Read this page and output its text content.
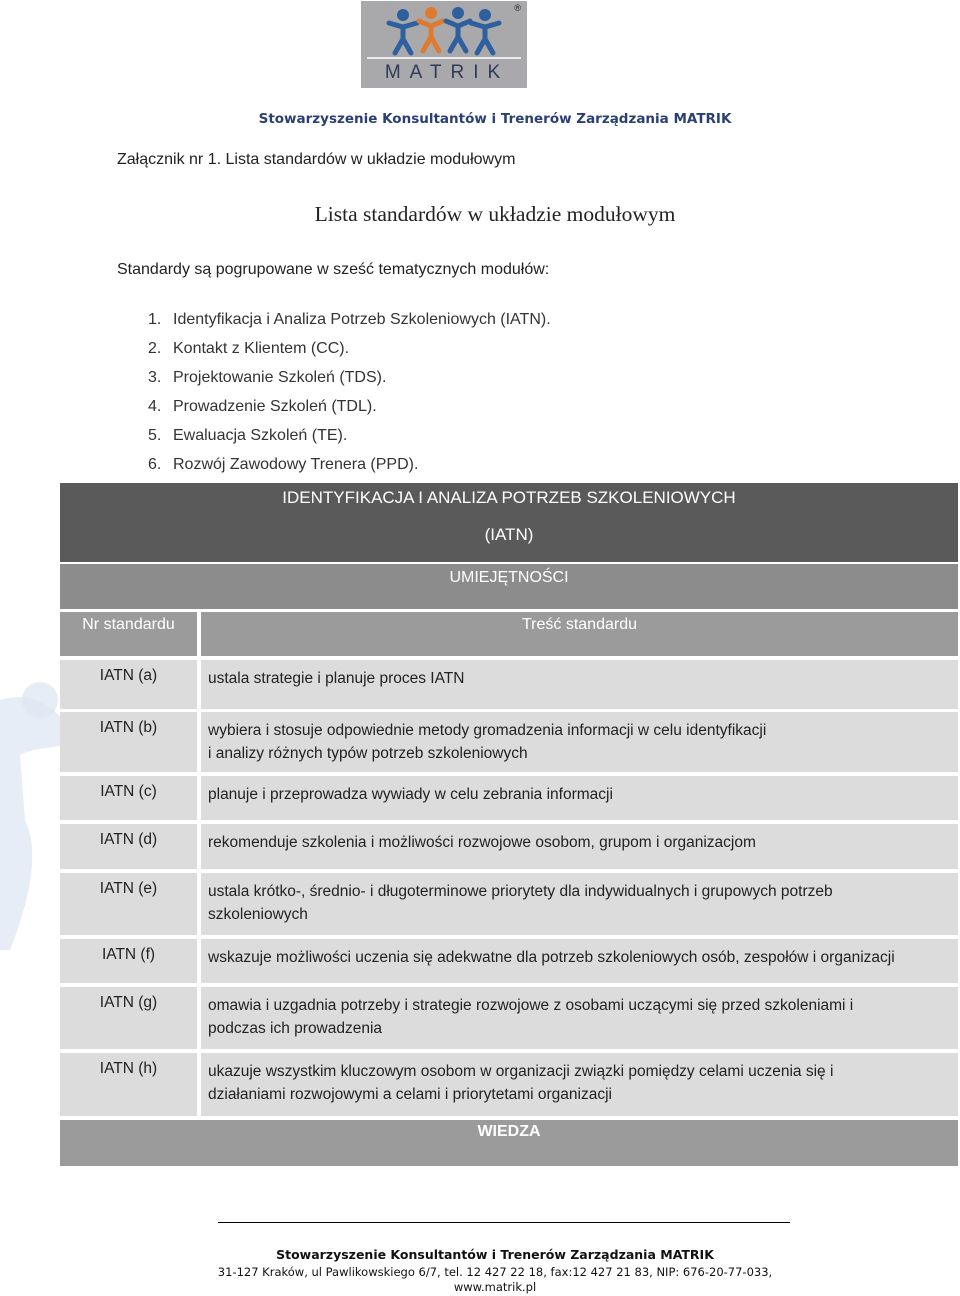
MATRIK
®
Stowarzyszenie Konsultantów i Trenerów Zarządzania MATRIK
Załącznik nr 1. Lista standardów w układzie modułowym
Lista standardów w układzie modułowym
Standardy są pogrupowane w sześć tematycznych modułów:
1. Identyfikacja i Analiza Potrzeb Szkoleniowych (IATN).
2. Kontakt z Klientem (CC).
3. Projektowanie Szkoleń (TDS).
4. Prowadzenie Szkoleń (TDL).
5. Ewaluacja Szkoleń (TE).
6. Rozwój Zawodowy Trenera (PPD).
IDENTYFIKACJA I ANALIZA POTRZEB SZKOLENIOWYCH
(IATN)
UMIEJĘTNOŚCI
Nr standardu	Treść standardu
IATN (a)	ustala strategie i planuje proces IATN
IATN (b)	wybiera i stosuje odpowiednie metody gromadzenia informacji w celu identyfikacji
i analizy różnych typów potrzeb szkoleniowych
IATN (c)	planuje i przeprowadza wywiady w celu zebrania informacji
IATN (d)	rekomenduje szkolenia i możliwości rozwojowe osobom, grupom i organizacjom
IATN (e)	ustala krótko-, średnio- i długoterminowe priorytety dla indywidualnych i grupowych potrzeb
szkoleniowych
IATN (f)	wskazuje możliwości uczenia się adekwatne dla potrzeb szkoleniowych osób, zespołów i organizacji
IATN (g)	omawia i uzgadnia potrzeby i strategie rozwojowe z osobami uczącymi się przed szkoleniami i
podczas ich prowadzenia
IATN (h)	ukazuje wszystkim kluczowym osobom w organizacji związki pomiędzy celami uczenia się i
działaniami rozwojowymi a celami i priorytetami organizacji
WIEDZA
Stowarzyszenie Konsultantów i Trenerów Zarządzania MATRIK
31-127 Kraków, ul Pawlikowskiego 6/7, tel. 12 427 22 18, fax:12 427 21 83, NIP: 676-20-77-033,
www.matrik.pl
